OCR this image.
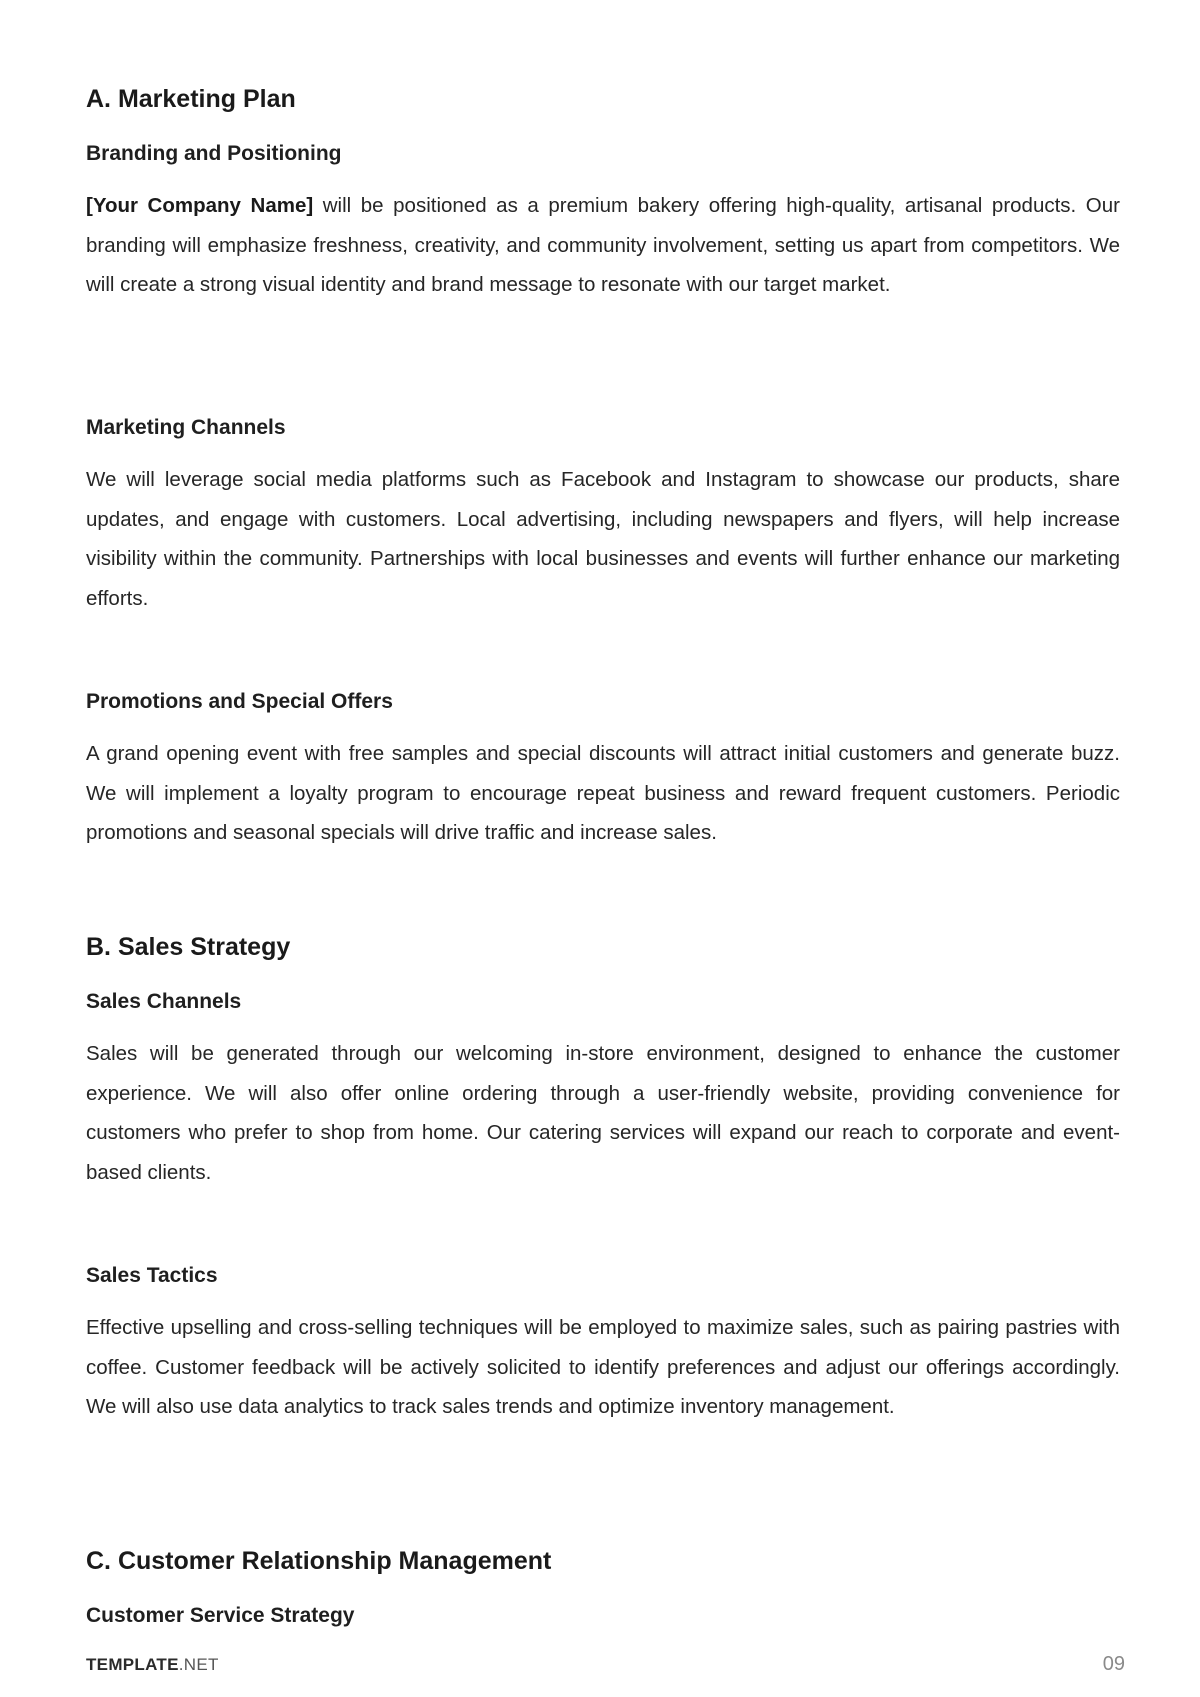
A. Marketing Plan
Branding and Positioning

[Your Company Name] will be positioned as a premium bakery offering high-quality, artisanal products. Our branding will emphasize freshness, creativity, and community involvement, setting us apart from competitors. We will create a strong visual identity and brand message to resonate with our target market.

Marketing Channels

We will leverage social media platforms such as Facebook and Instagram to showcase our products, share updates, and engage with customers. Local advertising, including newspapers and flyers, will help increase visibility within the community. Partnerships with local businesses and events will further enhance our marketing efforts.

Promotions and Special Offers

A grand opening event with free samples and special discounts will attract initial customers and generate buzz. We will implement a loyalty program to encourage repeat business and reward frequent customers. Periodic promotions and seasonal specials will drive traffic and increase sales.

B. Sales Strategy
Sales Channels

Sales will be generated through our welcoming in-store environment, designed to enhance the customer experience. We will also offer online ordering through a user-friendly website, providing convenience for customers who prefer to shop from home. Our catering services will expand our reach to corporate and event-based clients.

Sales Tactics

Effective upselling and cross-selling techniques will be employed to maximize sales, such as pairing pastries with coffee. Customer feedback will be actively solicited to identify preferences and adjust our offerings accordingly. We will also use data analytics to track sales trends and optimize inventory management.

C. Customer Relationship Management
Customer Service Strategy
TEMPLATE.NET	09
